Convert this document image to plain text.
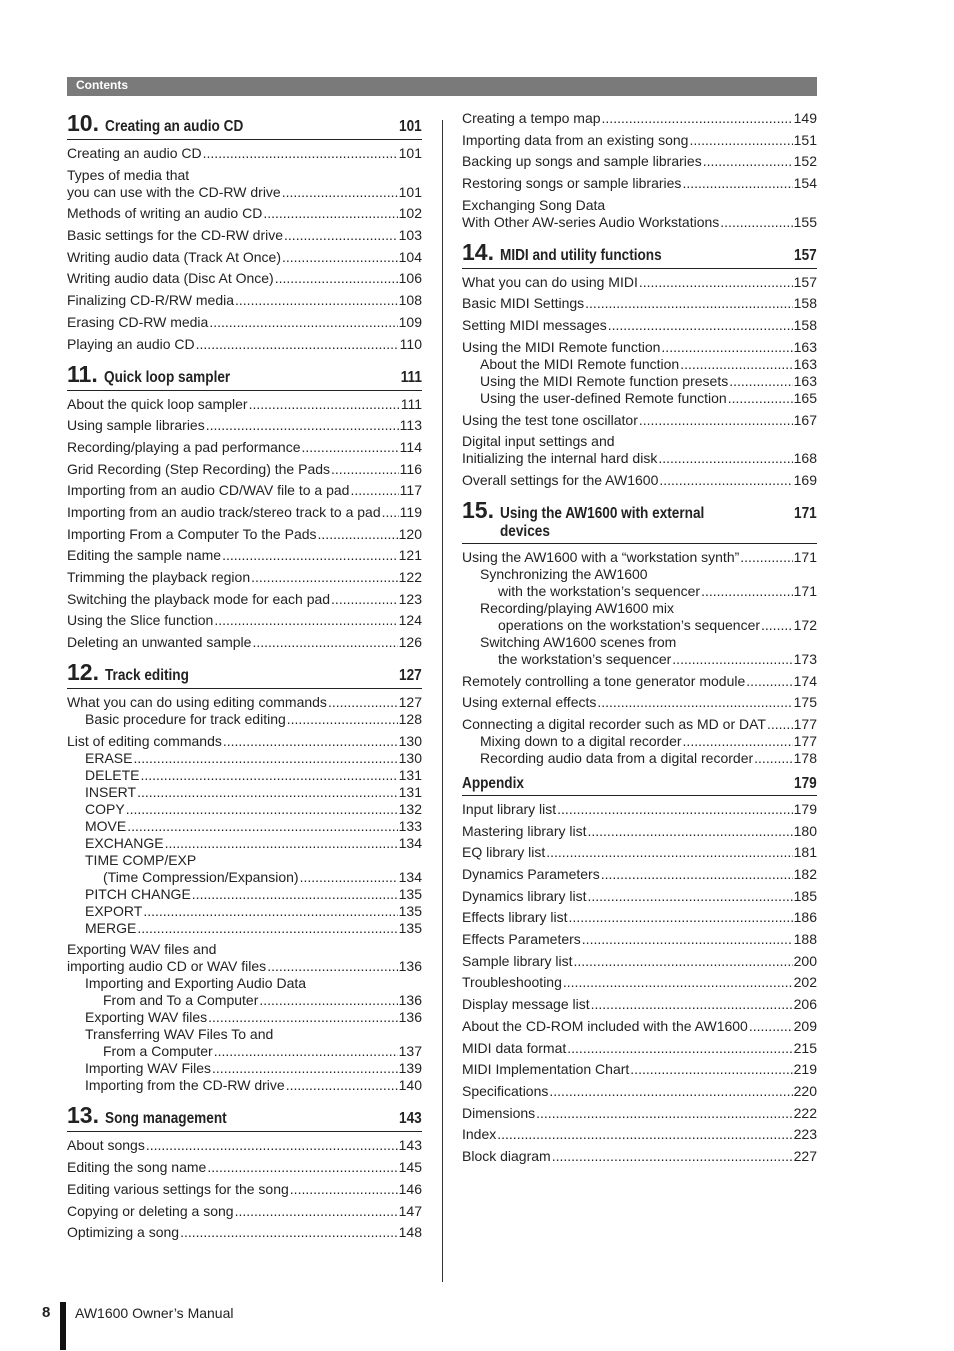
Contents
10. Creating an audio CD	101
Creating an audio CD .....	101
Types of media that
you can use with the CD-RW drive .....	101
Methods of writing an audio CD .....	102
Basic settings for the CD-RW drive .....	103
Writing audio data (Track At Once) .....	104
Writing audio data (Disc At Once) .....	106
Finalizing CD-R/RW media .....	108
Erasing CD-RW media .....	109
Playing an audio CD .....	110
11. Quick loop sampler	111
About the quick loop sampler .....	111
Using sample libraries .....	113
Recording/playing a pad performance .....	114
Grid Recording (Step Recording) the Pads .....	116
Importing from an audio CD/WAV file to a pad .....	117
Importing from an audio track/stereo track to a pad ..... 119
Importing From a Computer To the Pads .....	120
Editing the sample name .....	121
Trimming the playback region .....	122
Switching the playback mode for each pad .....	123
Using the Slice function .....	124
Deleting an unwanted sample .....	126
12. Track editing	127
What you can do using editing commands .....	127
Basic procedure for track editing .....	128
List of editing commands .....	130
ERASE .....	130
DELETE .....	131
INSERT .....	131
COPY .....	132
MOVE .....	133
EXCHANGE .....	134
TIME COMP/EXP
(Time Compression/Expansion) .....	134
PITCH CHANGE .....	135
EXPORT .....	135
MERGE .....	135
Exporting WAV files and
importing audio CD or WAV files .....	136
Importing and Exporting Audio Data
From and To a Computer .....	136
Exporting WAV files .....	136
Transferring WAV Files To and
From a Computer .....	137
Importing WAV Files .....	139
Importing from the CD-RW drive .....	140
13. Song management	143
About songs .....	143
Editing the song name .....	145
Editing various settings for the song .....	146
Copying or deleting a song .....	147
Optimizing a song .....	148
Creating a tempo map .....	149
Importing data from an existing song .....	151
Backing up songs and sample libraries .....	152
Restoring songs or sample libraries .....	154
Exchanging Song Data
With Other AW-series Audio Workstations .....	155
14. MIDI and utility functions	157
What you can do using MIDI .....	157
Basic MIDI Settings .....	158
Setting MIDI messages .....	158
Using the MIDI Remote function .....	163
About the MIDI Remote function .....	163
Using the MIDI Remote function presets .....	163
Using the user-defined Remote function .....	165
Using the test tone oscillator .....	167
Digital input settings and
Initializing the internal hard disk .....	168
Overall settings for the AW1600 .....	169
15. Using the AW1600 with external devices
171
Using the AW1600 with a “workstation synth” .....	171
Synchronizing the AW1600
with the workstation’s sequencer .....	171
Recording/playing AW1600 mix
operations on the workstation’s sequencer ..... 172
Switching AW1600 scenes from
the workstation’s sequencer .....	173
Remotely controlling a tone generator module .....	174
Using external effects .....	175
Connecting a digital recorder such as MD or DAT ..... 177
Mixing down to a digital recorder .....	177
Recording audio data from a digital recorder .....	178
Appendix	179
Input library list .....	179
Mastering library list .....	180
EQ library list .....	181
Dynamics Parameters .....	182
Dynamics library list .....	185
Effects library list .....	186
Effects Parameters .....	188
Sample library list .....	200
Troubleshooting .....	202
Display message list .....	206
About the CD-ROM included with the AW1600 .....	209
MIDI data format .....	215
MIDI Implementation Chart .....	219
Specifications .....	220
Dimensions .....	222
Index .....	223
Block diagram .....	227
8 AW1600 Owner’s Manual
